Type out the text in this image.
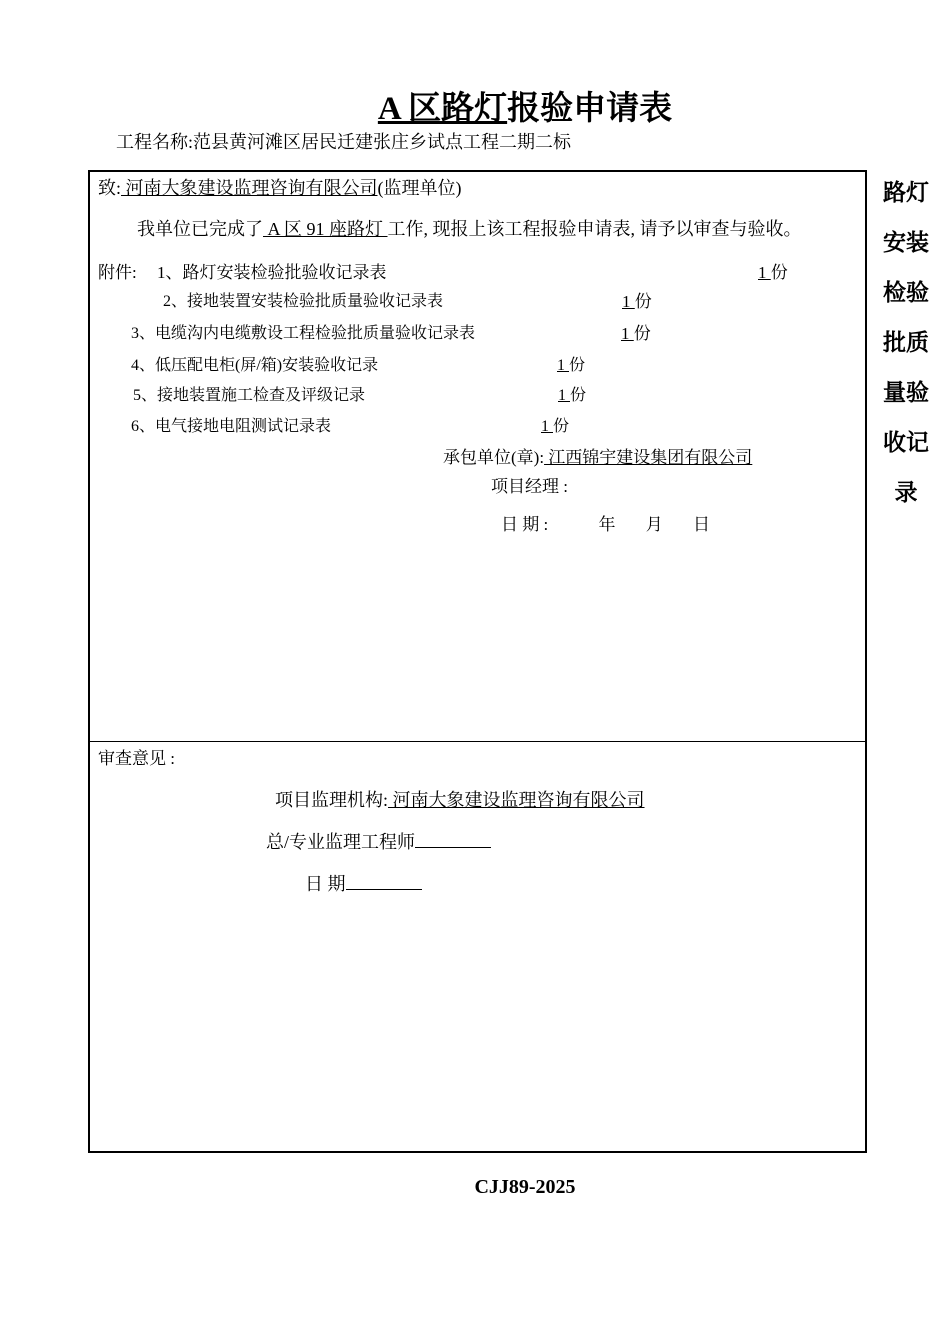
A 区路灯报验申请表
工程名称:范县黄河滩区居民迁建张庄乡试点工程二期二标
致: 河南大象建设监理咨询有限公司(监理单位)
我单位已完成了 A 区 91 座路灯 工作, 现报上该工程报验申请表, 请予以审查与验收。
附件: 1、路灯安装检验批验收记录表	1 份
2、接地装置安装检验批质量验收记录表	1 份
3、电缆沟内电缆敷设工程检验批质量验收记录表	1 份
4、低压配电柜(屏/箱)安装验收记录	1 份
5、接地装置施工检查及评级记录	1 份
6、电气接地电阻测试记录表	1 份
承包单位(章): 江西锦宇建设集团有限公司
项目经理 :
日 期 :	年 月 日
审查意见 :
项目监理机构: 河南大象建设监理咨询有限公司
总/专业监理工程师
日 期
路灯
安装
检验
批质
量验
收记
录
CJJ89-2025
